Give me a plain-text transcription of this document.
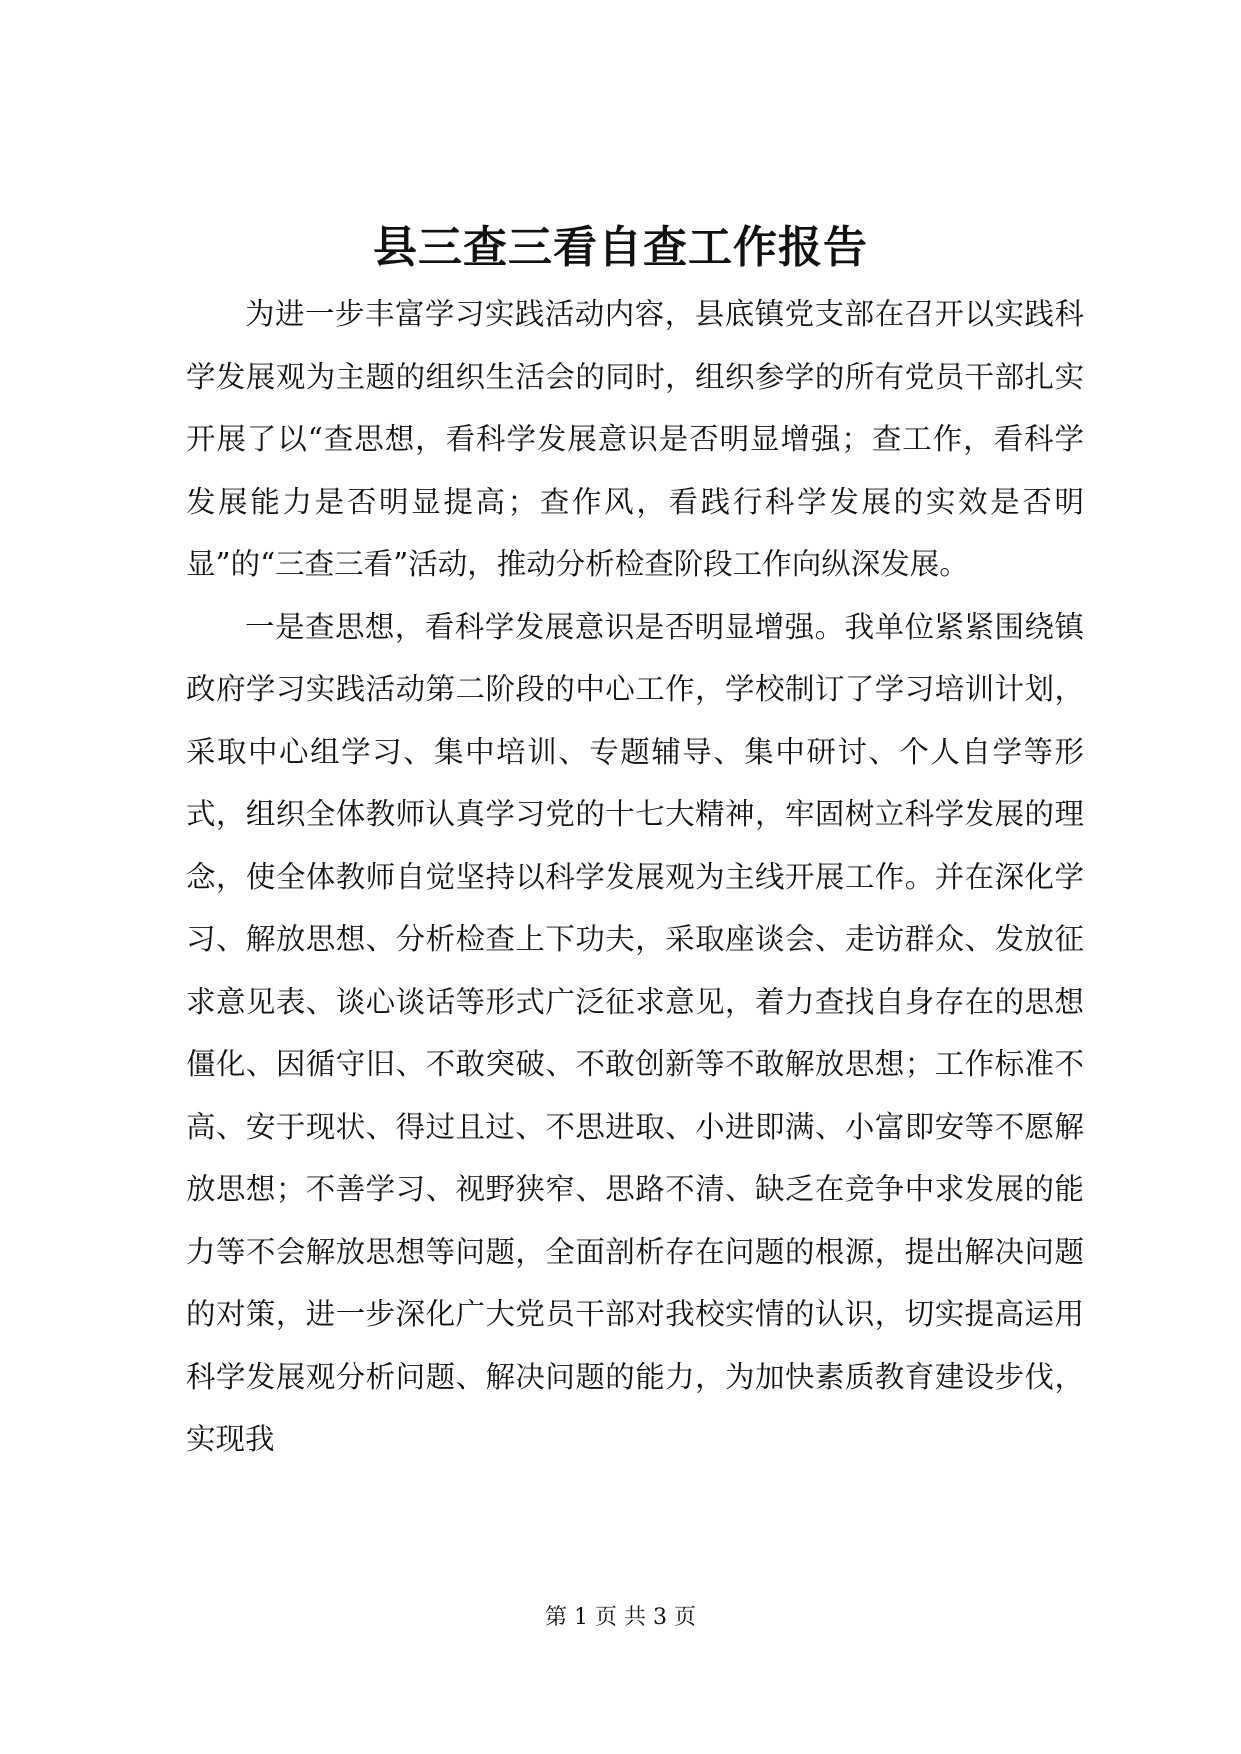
县三查三看自查工作报告

为进一步丰富学习实践活动内容，县底镇党支部在召开以实践科学发展观为主题的组织生活会的同时，组织参学的所有党员干部扎实开展了以“查思想，看科学发展意识是否明显增强；查工作，看科学发展能力是否明显提高；查作风，看践行科学发展的实效是否明显”的“三查三看”活动，推动分析检查阶段工作向纵深发展。

一是查思想，看科学发展意识是否明显增强。我单位紧紧围绕镇政府学习实践活动第二阶段的中心工作，学校制订了学习培训计划，采取中心组学习、集中培训、专题辅导、集中研讨、个人自学等形式，组织全体教师认真学习党的十七大精神，牢固树立科学发展的理念，使全体教师自觉坚持以科学发展观为主线开展工作。并在深化学习、解放思想、分析检查上下功夫，采取座谈会、走访群众、发放征求意见表、谈心谈话等形式广泛征求意见，着力查找自身存在的思想僵化、因循守旧、不敢突破、不敢创新等不敢解放思想；工作标准不高、安于现状、得过且过、不思进取、小进即满、小富即安等不愿解放思想；不善学习、视野狭窄、思路不清、缺乏在竞争中求发展的能力等不会解放思想等问题，全面剖析存在问题的根源，提出解决问题的对策，进一步深化广大党员干部对我校实情的认识，切实提高运用科学发展观分析问题、解决问题的能力，为加快素质教育建设步伐，实现我

第 1 页 共 3 页
